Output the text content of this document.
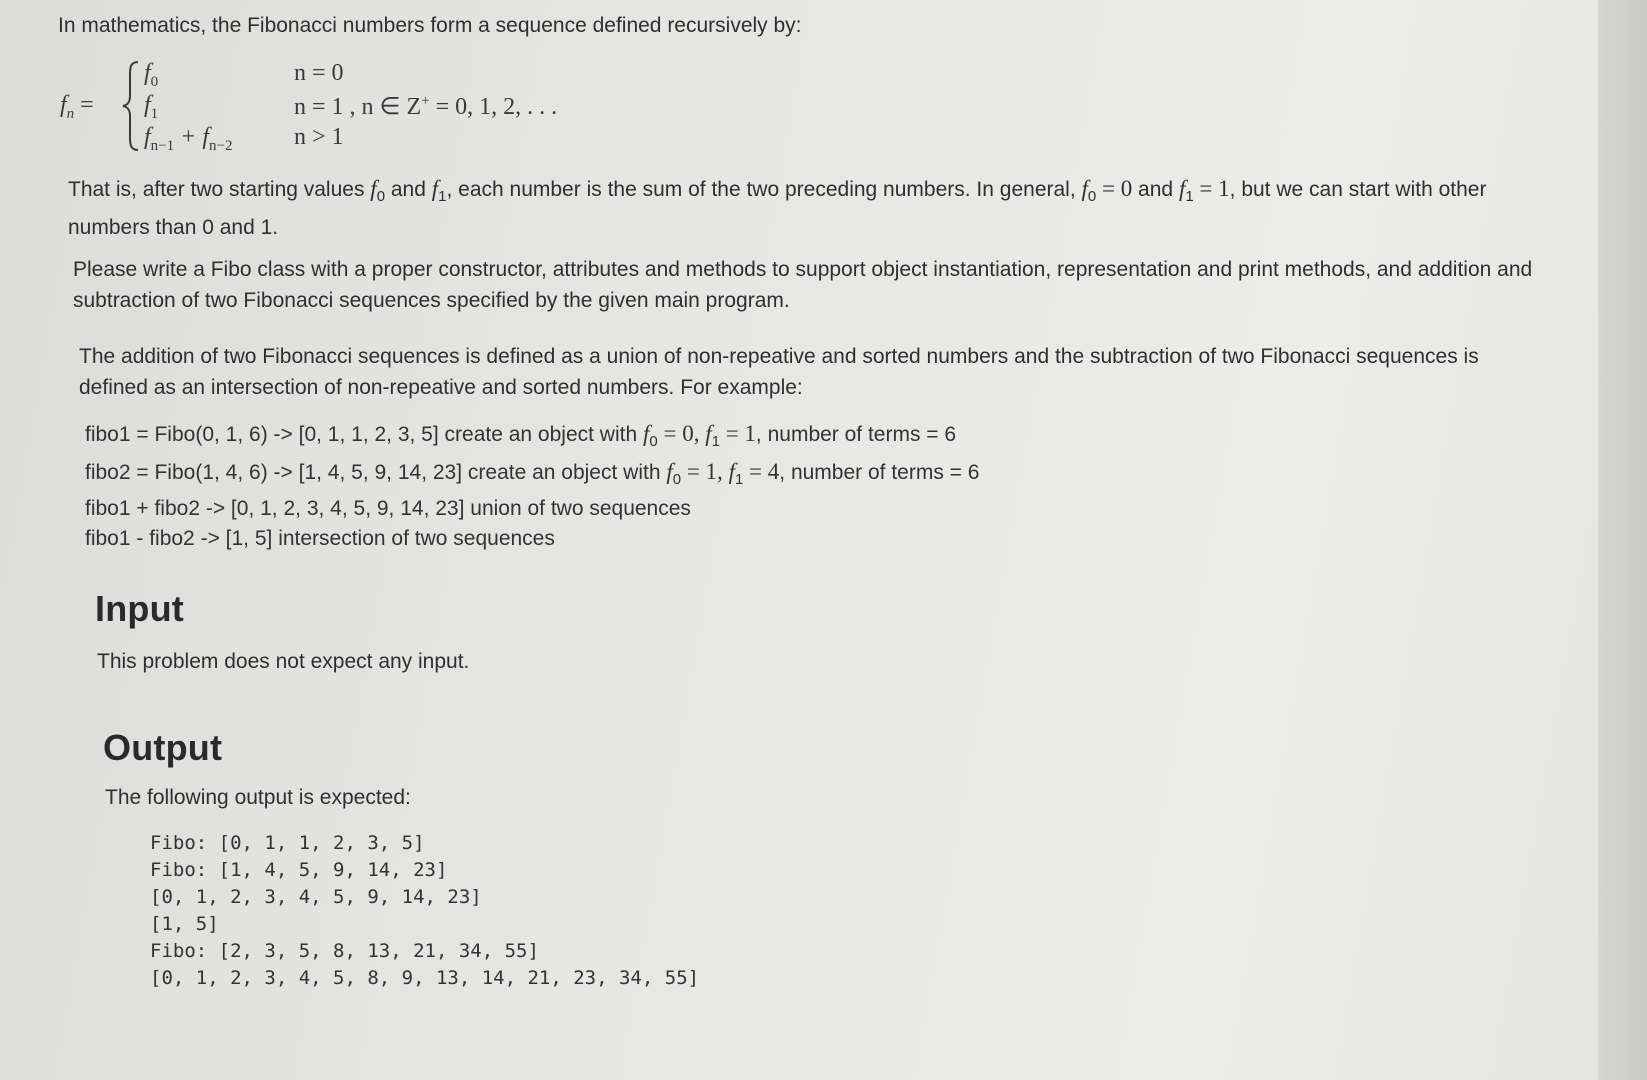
In mathematics, the Fibonacci numbers form a sequence defined recursively by:
$f_n$ =
$f_0$
$f_1$
$f_{n-1} + f_{n-2}$
n = 0
n = 1 , n ∈ Z+ = 0, 1, 2, . . .
n > 1
That is, after two starting values $f_0$ and $f_1$, each number is the sum of the two preceding numbers. In general, $f_0 = 0$ and $f_1 = 1$, but we can start with other numbers than 0 and 1.
Please write a Fibo class with a proper constructor, attributes and methods to support object instantiation, representation and print methods, and addition and subtraction of two Fibonacci sequences specified by the given main program.
The addition of two Fibonacci sequences is defined as a union of non-repeative and sorted numbers and the subtraction of two Fibonacci sequences is defined as an intersection of non-repeative and sorted numbers. For example:
fibo1 = Fibo(0, 1, 6) -> [0, 1, 1, 2, 3, 5] create an object with $f_0 = 0$, $f_1 = 1$, number of terms = 6
fibo2 = Fibo(1, 4, 6) -> [1, 4, 5, 9, 14, 23] create an object with $f_0 = 1$, $f_1 = 4$, number of terms = 6
fibo1 + fibo2 -> [0, 1, 2, 3, 4, 5, 9, 14, 23] union of two sequences
fibo1 - fibo2 -> [1, 5] intersection of two sequences
Input
This problem does not expect any input.
Output
The following output is expected:
Fibo: [0, 1, 1, 2, 3, 5]
Fibo: [1, 4, 5, 9, 14, 23]
[0, 1, 2, 3, 4, 5, 9, 14, 23]
[1, 5]
Fibo: [2, 3, 5, 8, 13, 21, 34, 55]
[0, 1, 2, 3, 4, 5, 8, 9, 13, 14, 21, 23, 34, 55]
